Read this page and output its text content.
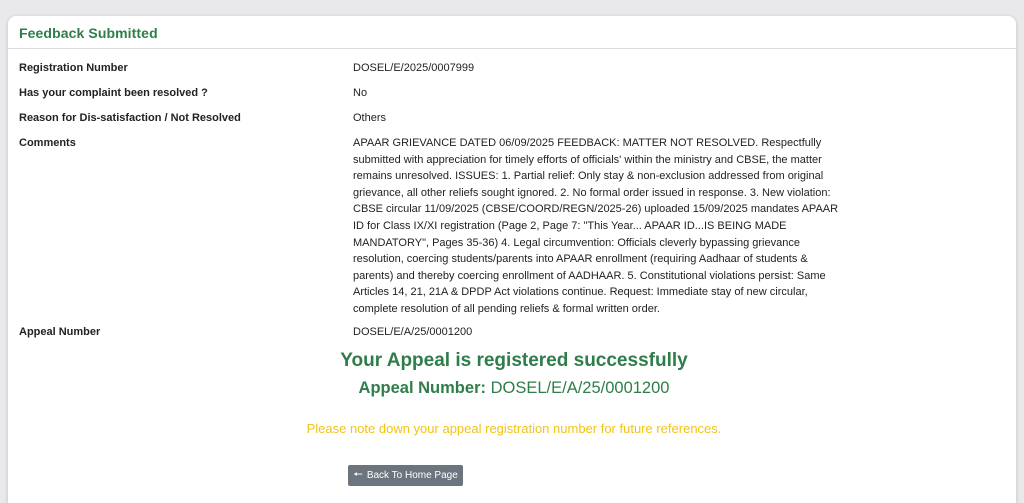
Feedback Submitted
Registration Number	DOSEL/E/2025/0007999
Has your complaint been resolved ?	No
Reason for Dis-satisfaction / Not Resolved	Others
Comments	APAAR GRIEVANCE DATED 06/09/2025 FEEDBACK: MATTER NOT RESOLVED. Respectfully submitted with appreciation for timely efforts of officials' within the ministry and CBSE, the matter remains unresolved. ISSUES: 1. Partial relief: Only stay & non-exclusion addressed from original grievance, all other reliefs sought ignored. 2. No formal order issued in response. 3. New violation: CBSE circular 11/09/2025 (CBSE/COORD/REGN/2025-26) uploaded 15/09/2025 mandates APAAR ID for Class IX/XI registration (Page 2, Page 7: "This Year... APAAR ID...IS BEING MADE MANDATORY", Pages 35-36) 4. Legal circumvention: Officials cleverly bypassing grievance resolution, coercing students/parents into APAAR enrollment (requiring Aadhaar of students & parents) and thereby coercing enrollment of AADHAAR. 5. Constitutional violations persist: Same Articles 14, 21, 21A & DPDP Act violations continue. Request: Immediate stay of new circular, complete resolution of all pending reliefs & formal written order.
Appeal Number	DOSEL/E/A/25/0001200
Your Appeal is registered successfully
Appeal Number: DOSEL/E/A/25/0001200
Please note down your appeal registration number for future references.
🠔 Back To Home Page
